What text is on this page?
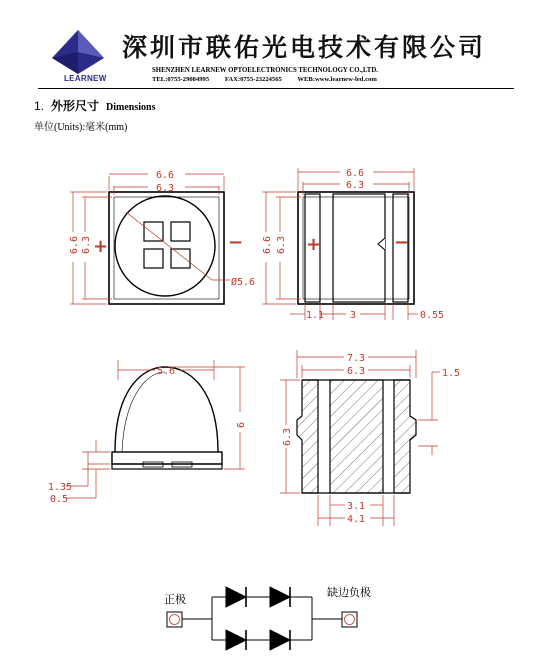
6.6
6.3
6.6 6.3
Ø5.6
+	−
6.6
6.3
6.6 6.3 +	−
1.1	3	0.55
5.6
6
1.35
0.5
7.3
6.3	1.5
6.3
3.1
4.1
正极
缺边负极
深圳市联佑光电技术有限公司
SHENZHEN LEARNEW OPTOELECTRONICS TECHNOLOGY CO.,LTD.
TEL:0755-29084995 FAX:0755-23224565 WEB:www.learnew-led.com
LEARNEW
1. 外形尺寸 Dimensions
单位(Units):毫米(mm)
